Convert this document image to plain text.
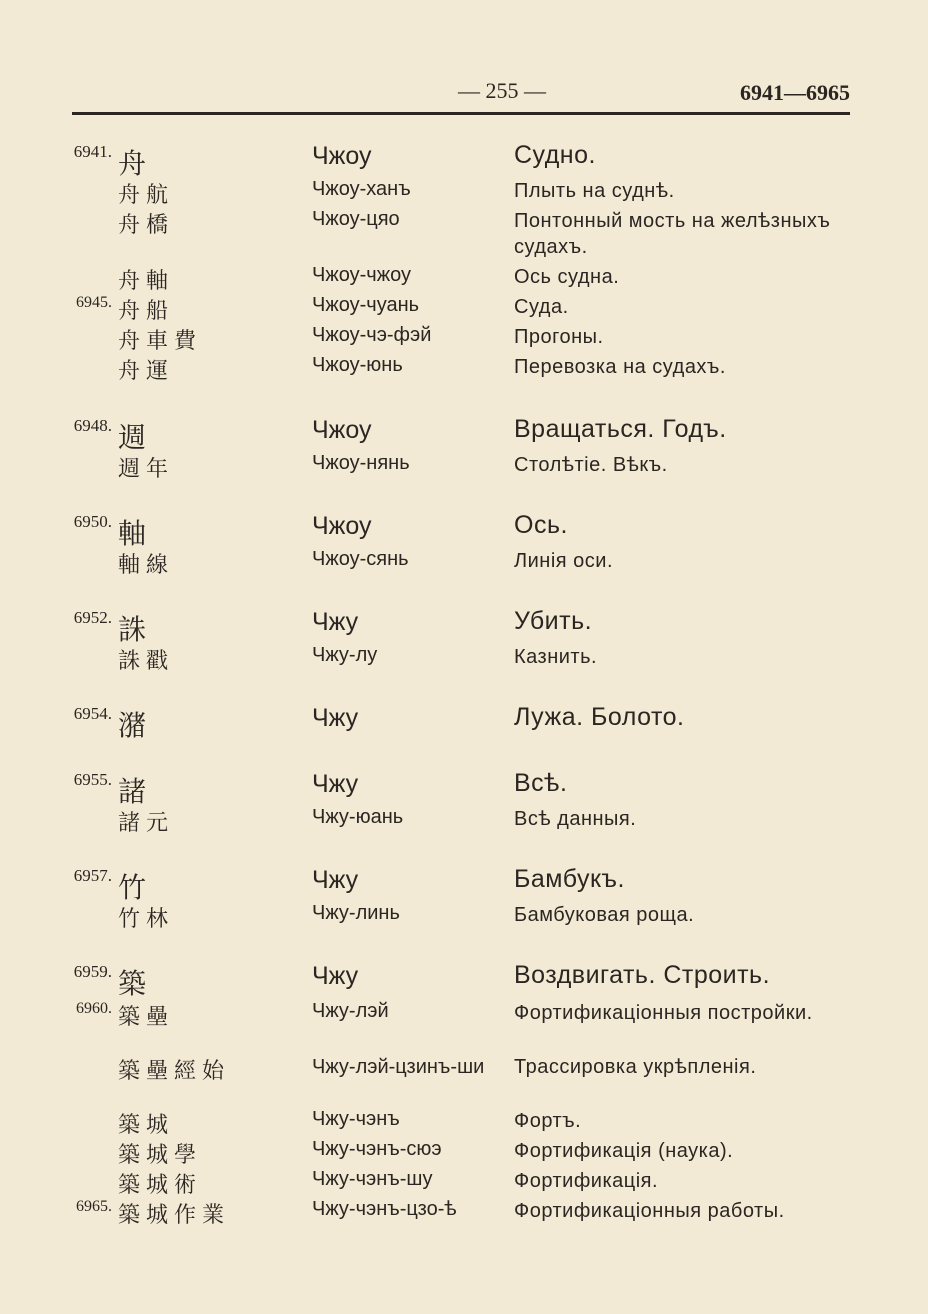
— 255 —	6941—6965
6941. 舟	Чжоу	Судно.
舟航	Чжоу-ханъ	Плыть на суднѣ.
舟橋	Чжоу-цяо	Понтонный мость на желѣзныхъ судахъ.
舟軸	Чжоу-чжоу	Ось судна.
6945. 舟船	Чжоу-чуань	Суда.
舟車費	Чжоу-чэ-фэй	Прогоны.
舟運	Чжоу-юнь	Перевозка на судахъ.
6948. 週	Чжоу	Вращаться. Годъ.
週年	Чжоу-нянь	Столѣтіе. Вѣкъ.
6950. 軸	Чжоу	Ось.
軸線	Чжоу-сянь	Линія оси.
6952. 誅	Чжу	Убить.
誅戳	Чжу-лу	Казнить.
6954. 潴	Чжу	Лужа. Болото.
6955. 諸	Чжу	Всѣ.
諸元	Чжу-юань	Всѣ данныя.
6957. 竹	Чжу	Бамбукъ.
竹林	Чжу-линь	Бамбуковая роща.
6959. 築	Чжу	Воздвигать. Строить.
6960. 築壘	Чжу-лэй	Фортификаціонныя постройки.
築壘經始	Чжу-лэй-цзинъ-ши	Трассировка укрѣпленія.
築城	Чжу-чэнъ	Фортъ.
築城學	Чжу-чэнъ-сюэ	Фортификація (наука).
築城術	Чжу-чэнъ-шу	Фортификація.
6965. 築城作業	Чжу-чэнъ-цзо-ѣ	Фортификаціонныя работы.
